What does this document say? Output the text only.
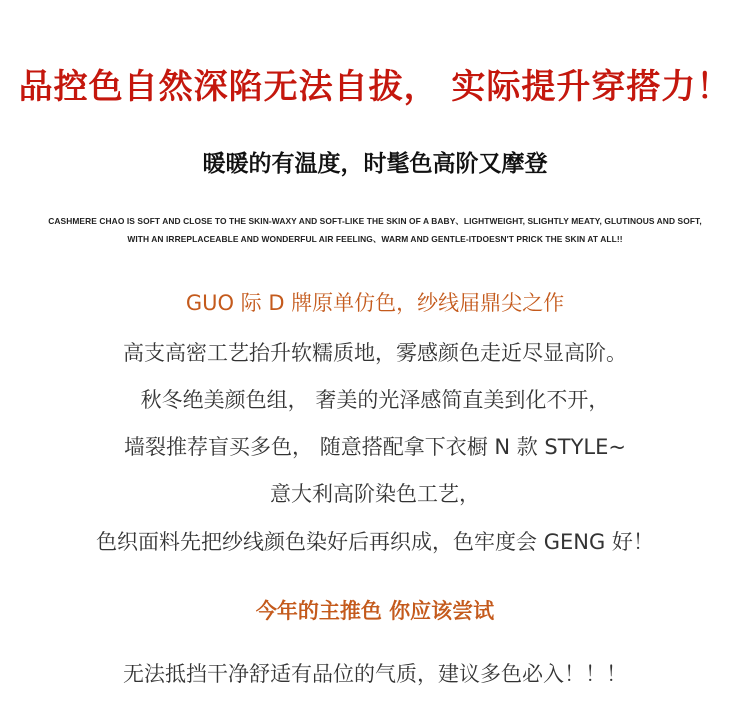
品控色自然深陷无法自拔， 实际提升穿搭力！
暖暖的有温度，时髦色高阶又摩登
CASHMERE CHAO IS SOFT AND CLOSE TO THE SKIN-WAXY AND SOFT-LIKE THE SKIN OF A BABY、LIGHTWEIGHT, SLIGHTLY MEATY, GLUTINOUS AND SOFT,
WITH AN IRREPLACEABLE AND WONDERFUL AIR FEELING、WARM AND GENTLE-ITDOESN'T PRICK THE SKIN AT ALL!!
GUO 际 D 牌原单仿色，纱线届鼎尖之作
高支高密工艺抬升软糯质地，雾感颜色走近尽显高阶。
秋冬绝美颜色组， 奢美的光泽感简直美到化不开，
墙裂推荐盲买多色， 随意搭配拿下衣橱 N 款 STYLE~
意大利高阶染色工艺，
色织面料先把纱线颜色染好后再织成，色牢度会 GENG 好！
今年的主推色 你应该尝试
无法抵挡干净舒适有品位的气质，建议多色必入！！！
